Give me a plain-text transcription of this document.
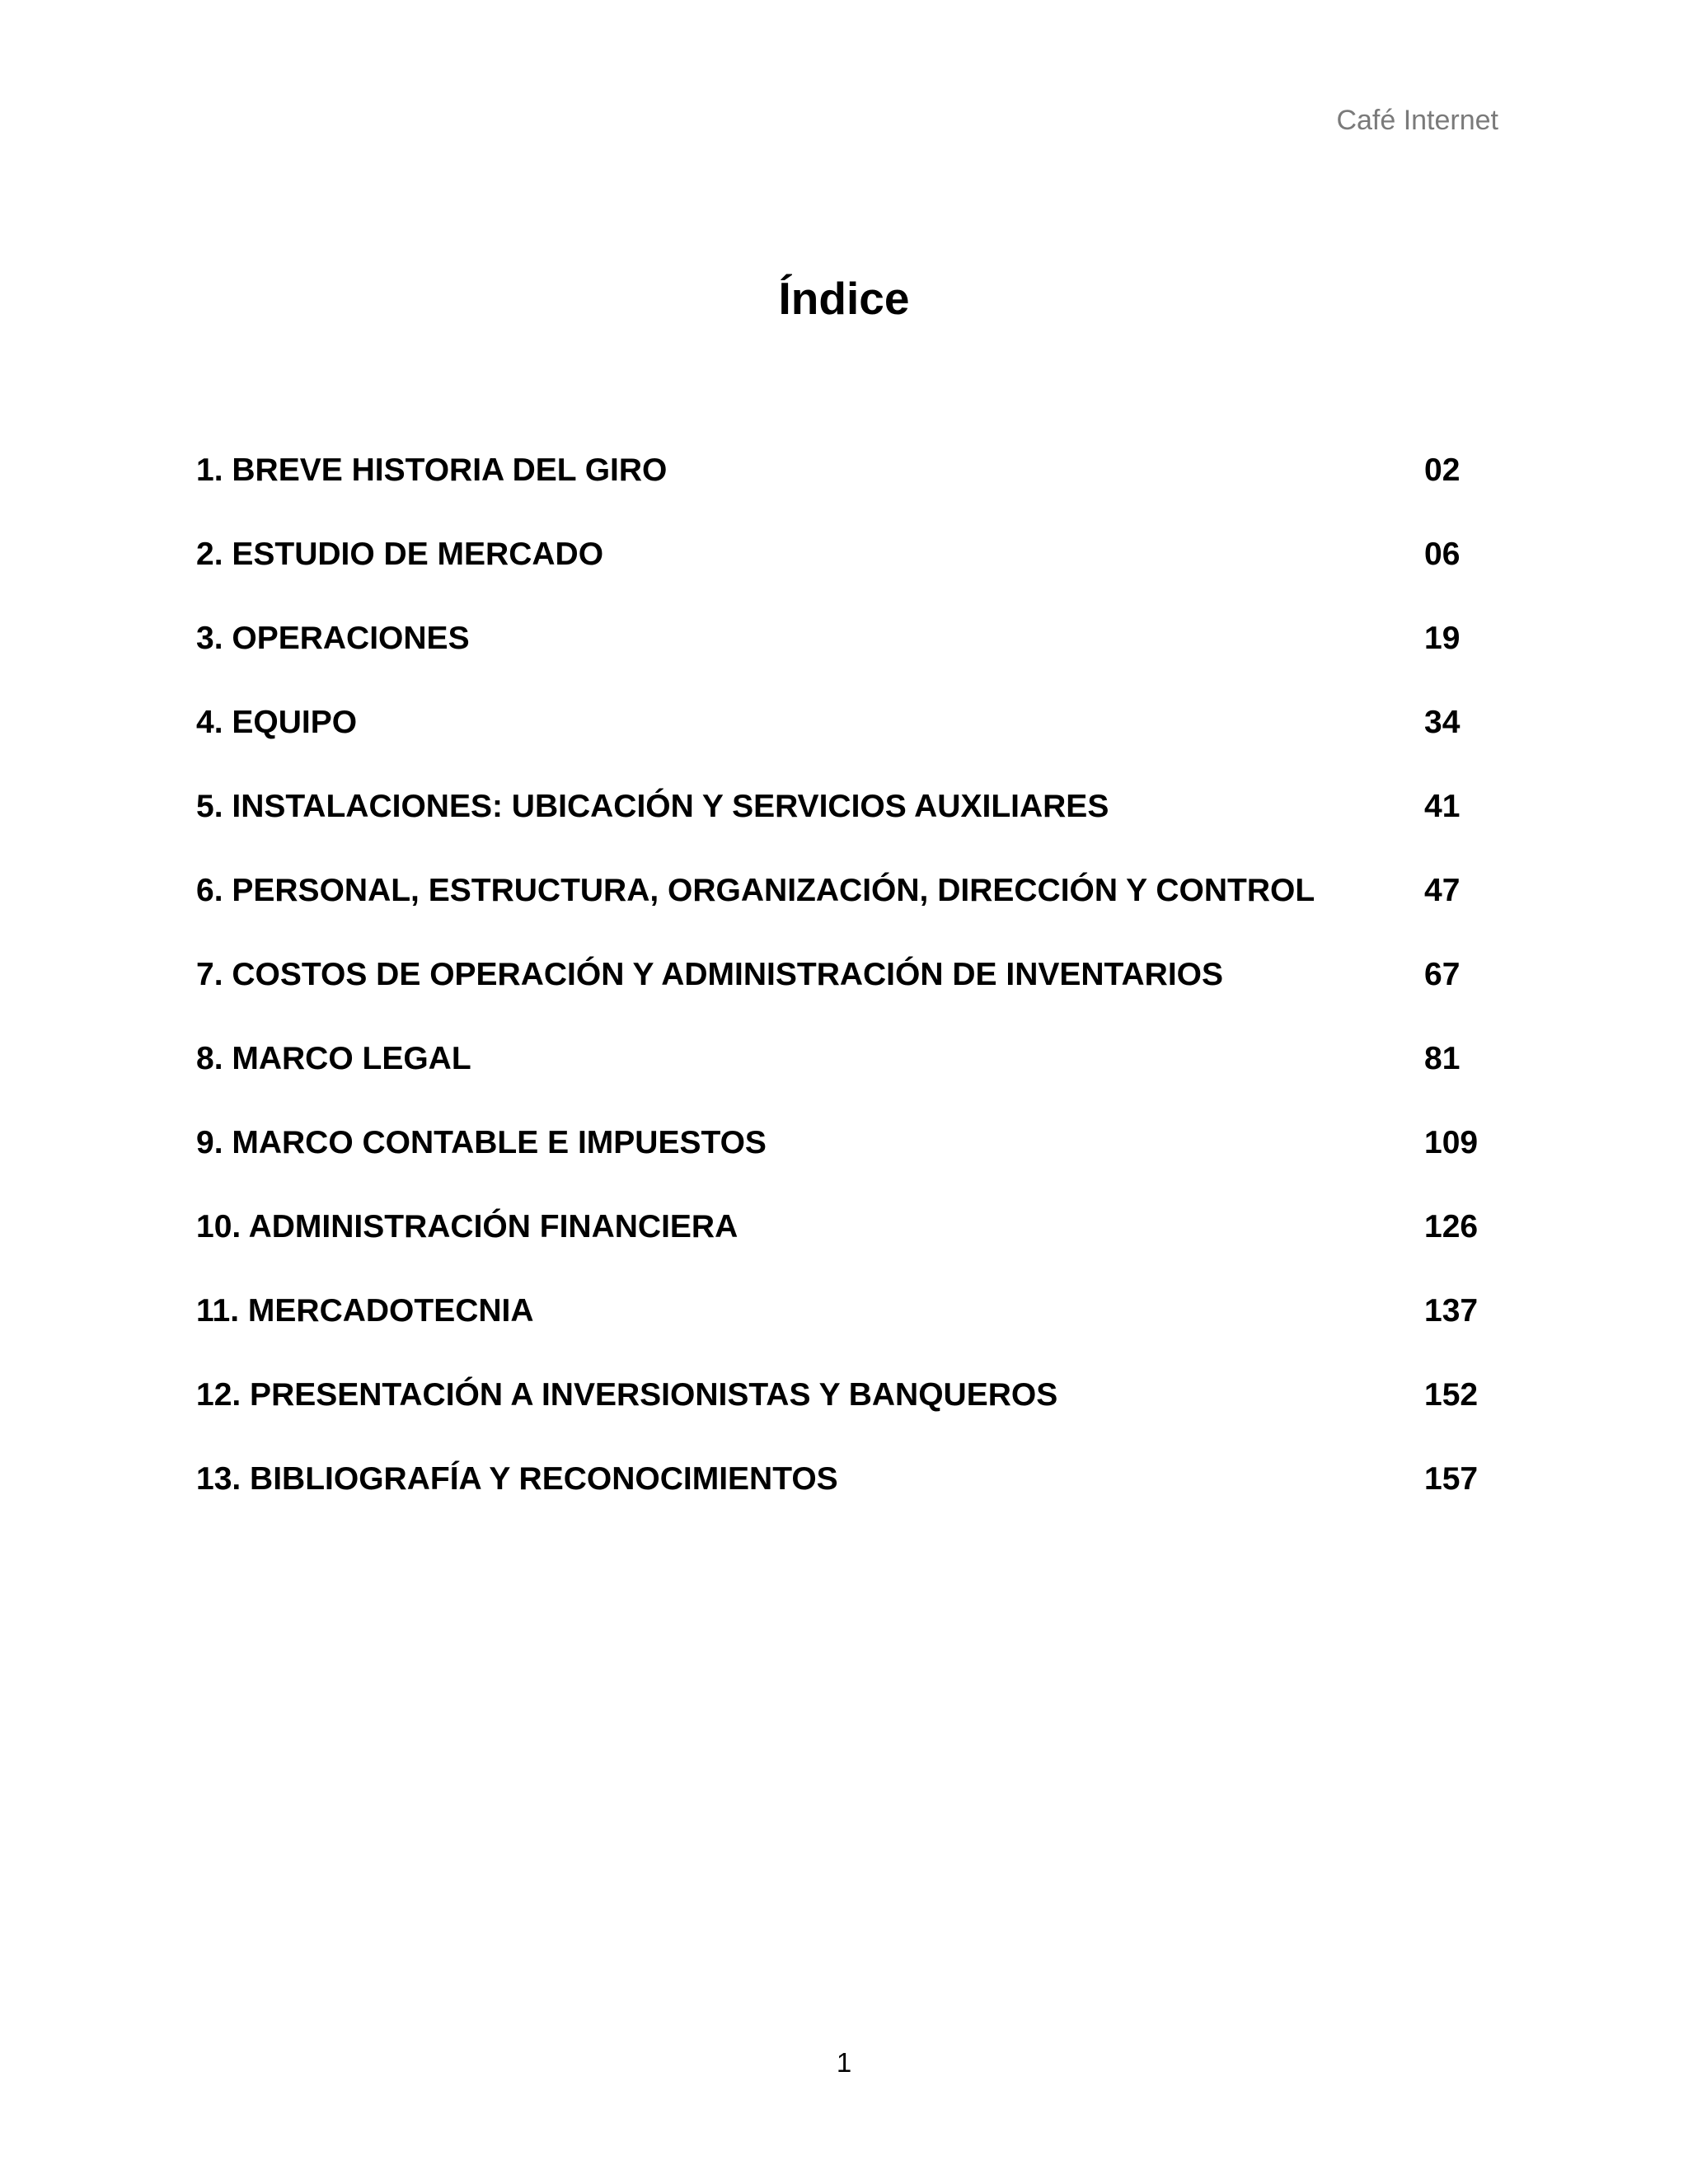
Café Internet
Índice
1. BREVE HISTORIA DEL GIRO	02
2. ESTUDIO DE MERCADO	06
3. OPERACIONES	19
4. EQUIPO	34
5. INSTALACIONES: UBICACIÓN Y SERVICIOS AUXILIARES	41
6. PERSONAL, ESTRUCTURA, ORGANIZACIÓN, DIRECCIÓN Y CONTROL	47
7. COSTOS DE OPERACIÓN Y ADMINISTRACIÓN DE INVENTARIOS	67
8. MARCO LEGAL	81
9. MARCO CONTABLE E IMPUESTOS	109
10. ADMINISTRACIÓN FINANCIERA	126
11. MERCADOTECNIA	137
12. PRESENTACIÓN A INVERSIONISTAS Y BANQUEROS	152
13. BIBLIOGRAFÍA Y RECONOCIMIENTOS	157
1
